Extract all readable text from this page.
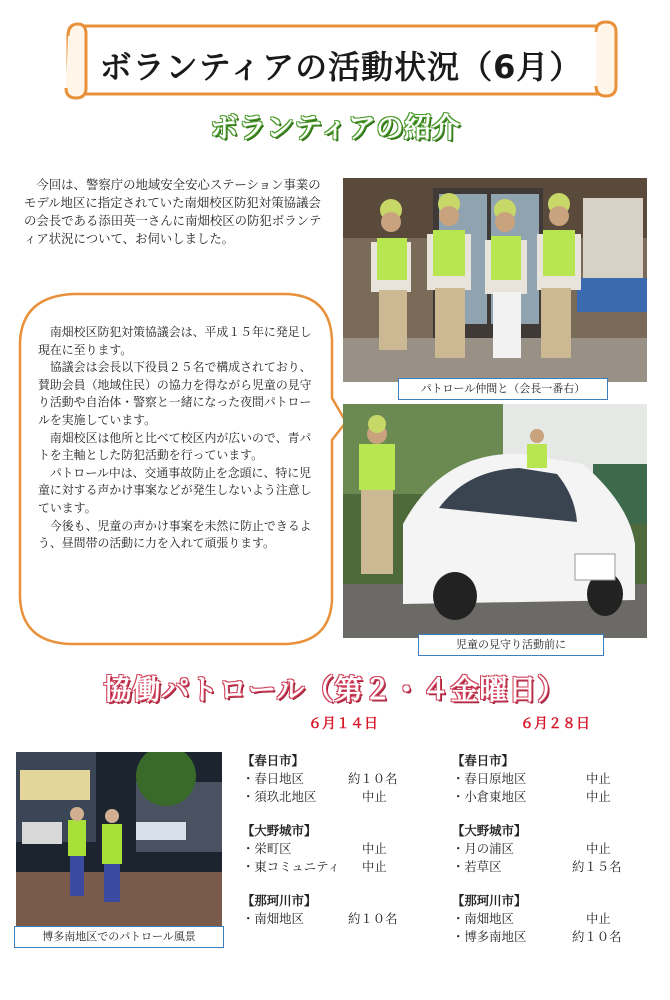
ボランティアの活動状況（6月）
ボランティアの紹介
今回は、警察庁の地域安全安心ステーション事業のモデル地区に指定されていた南畑校区防犯対策協議会の会長である添田英一さんに南畑校区の防犯ボランティア状況について、お伺いしました。

南畑校区防犯対策協議会は、平成１５年に発足し現在に至ります。

協議会は会長以下役員２５名で構成されており、賛助会員（地域住民）の協力を得ながら児童の見守り活動や自治体・警察と一緒になった夜間パトロールを実施しています。

南畑校区は他所と比べて校区内が広いので、青パトを主軸とした防犯活動を行っています。

パトロール中は、交通事故防止を念頭に、特に児童に対する声かけ事案などが発生しないよう注意しています。

今後も、児童の声かけ事案を未然に防止できるよう、昼間帯の活動に力を入れて頑張ります。

パトロール仲間と（会長一番右）
児童の見守り活動前に
協働パトロール（第２・４金曜日）
６月１４日	６月２８日
博多南地区でのパトロール風景
【春日市】
・春日地区	約１０名
・須玖北地区	中止
【大野城市】
・栄町区	中止
・東コミュニティ 中止
【那珂川市】
・南畑地区	約１０名
【春日市】
・春日原地区	中止
・小倉東地区	中止
【大野城市】
・月の浦区	中止
・若草区	約１５名
【那珂川市】
・南畑地区	中止
・博多南地区	約１０名
